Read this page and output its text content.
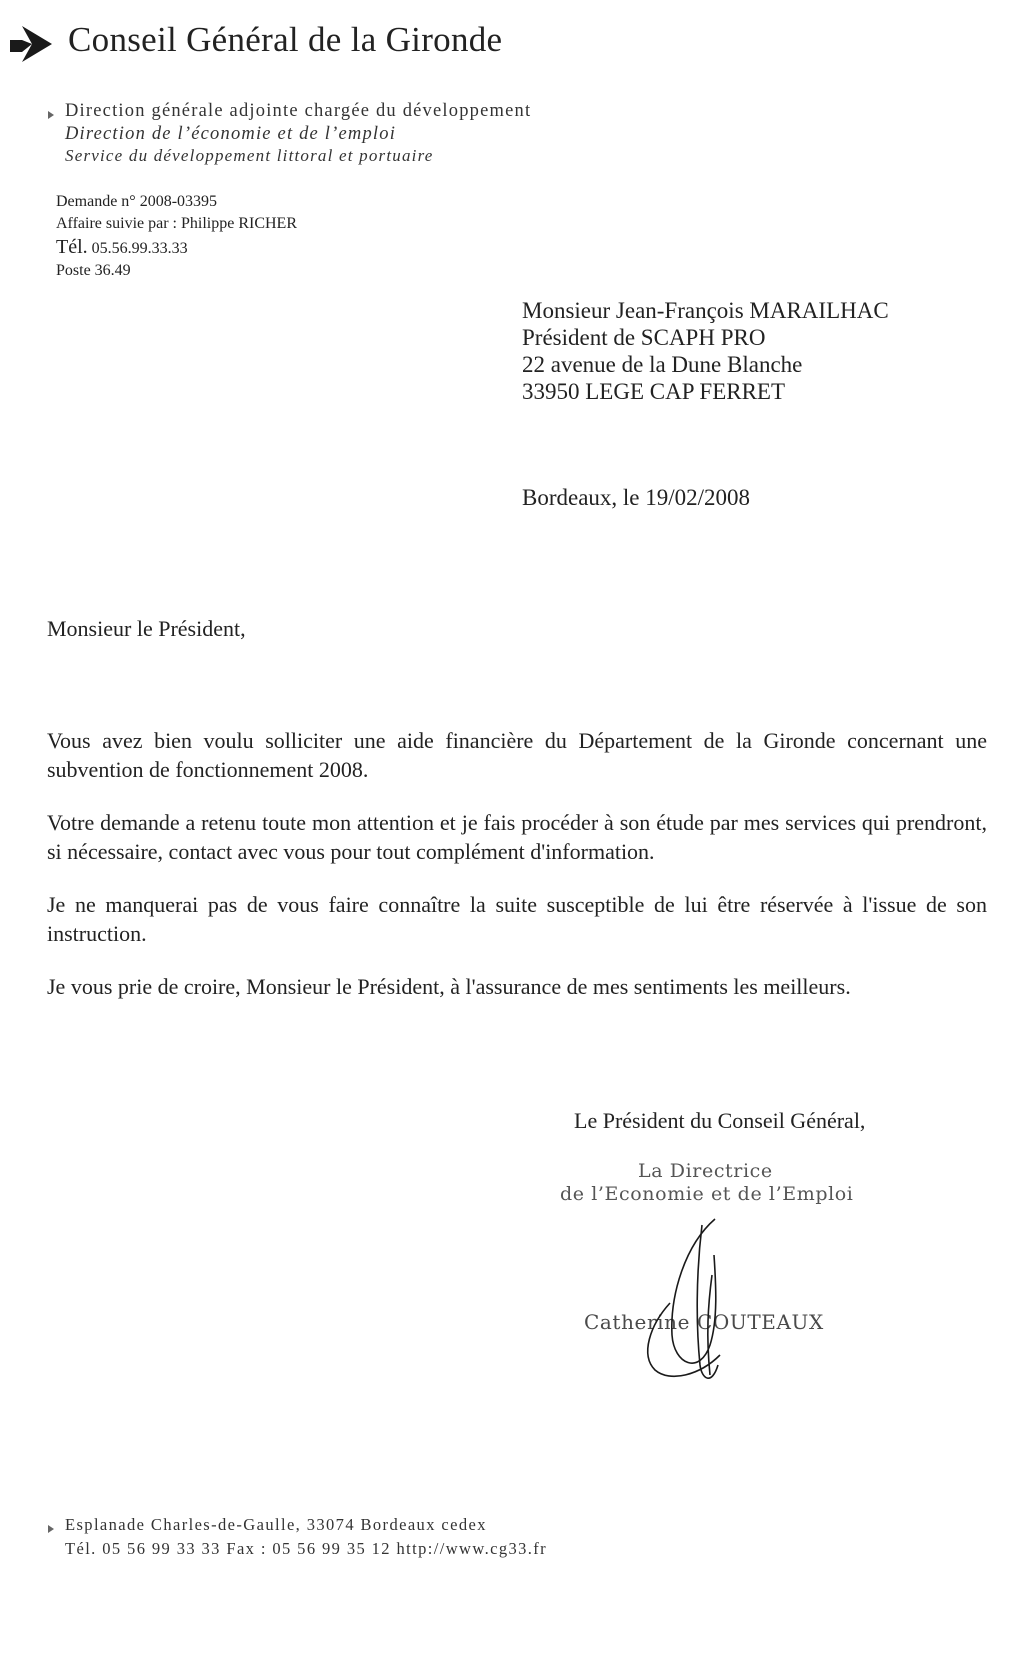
Conseil Général de la Gironde
Direction générale adjointe chargée du développement
Direction de l’économie et de l’emploi
Service du développement littoral et portuaire
Demande n° 2008-03395
Affaire suivie par : Philippe RICHER
Tél. 05.56.99.33.33
Poste 36.49
Monsieur Jean-François MARAILHAC
Président de SCAPH PRO
22 avenue de la Dune Blanche
33950 LEGE CAP FERRET
Bordeaux, le 19/02/2008
Monsieur le Président,
Vous avez bien voulu solliciter une aide financière du Département de la Gironde concernant une subvention de fonctionnement 2008.
Votre demande a retenu toute mon attention et je fais procéder à son étude par mes services qui prendront, si nécessaire, contact avec vous pour tout complément d'information.
Je ne manquerai pas de vous faire connaître la suite susceptible de lui être réservée à l'issue de son instruction.
Je vous prie de croire, Monsieur le Président, à l'assurance de mes sentiments les meilleurs.
Le Président du Conseil Général,
La Directrice
de l’Economie et de l’Emploi
Catherine COUTEAUX
Esplanade Charles-de-Gaulle, 33074 Bordeaux cedex
Tél. 05 56 99 33 33 Fax : 05 56 99 35 12 http://www.cg33.fr
